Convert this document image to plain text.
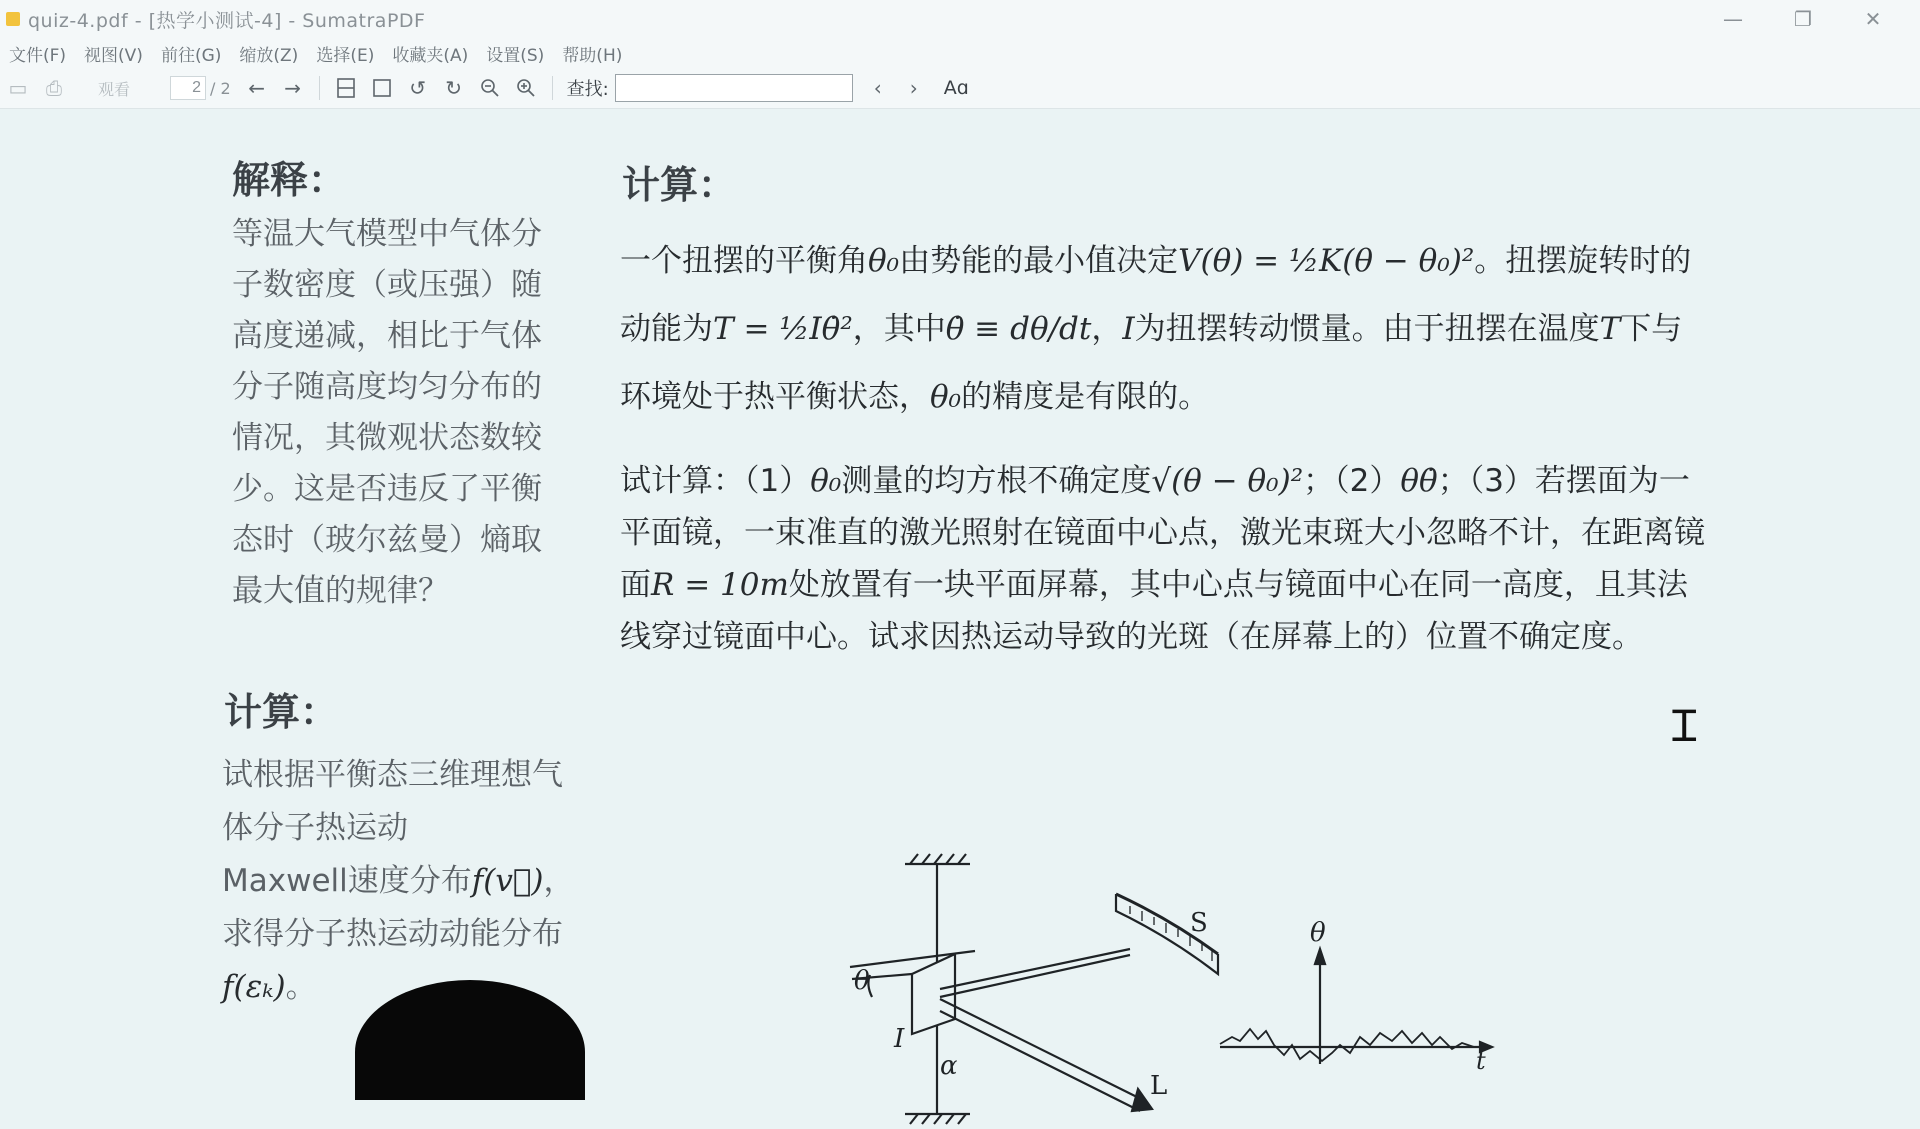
quiz-4.pdf - [热学小测试-4] - SumatraPDF	—	❐	✕
文件(F)	视图(V)	前往(G)	缩放(Z)	选择(E)	收藏夹(A)	设置(S)	帮助(H)
▭ ⎙	观看
2	/ 2 ← →	↺ ↻	查找:	‹	›	Aɑ
解释：
等温大气模型中气体分子数密度（或压强）随高度递减，相比于气体分子随高度均匀分布的情况，其微观状态数较少。这是否违反了平衡态时（玻尔兹曼）熵取最大值的规律？
计算：
试根据平衡态三维理想气体分子热运动
Maxwell速度分布f(v⃗)，求得分子热运动动能分布f(εₖ)。
计算：
一个扭摆的平衡角θ₀由势能的最小值决定V(θ) = ½K(θ − θ₀)²。扭摆旋转时的动能为T = ½Iθ̇²，其中θ̇ ≡ dθ/dt，I为扭摆转动惯量。由于扭摆在温度T下与环境处于热平衡状态，θ₀的精度是有限的。
试计算：（1）θ₀测量的均方根不确定度√(θ − θ₀)²；（2）θθ̇；（3）若摆面为一平面镜，一束准直的激光照射在镜面中心点，激光束斑大小忽略不计，在距离镜面R = 10m处放置有一块平面屏幕，其中心点与镜面中心在同一高度，且其法线穿过镜面中心。试求因热运动导致的光斑（在屏幕上的）位置不确定度。
θ
I
α
S
L
θ
t
Ɪ
